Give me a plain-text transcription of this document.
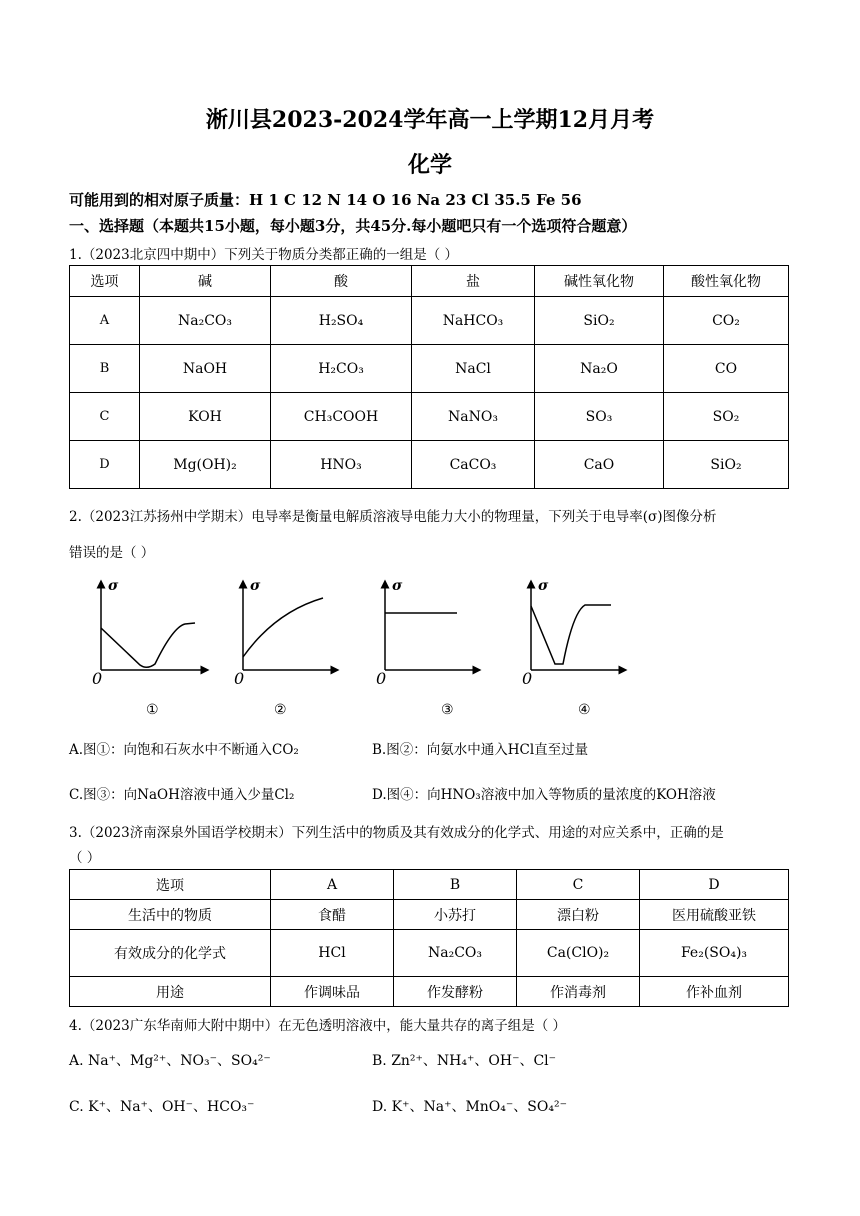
淅川县2023-2024学年高一上学期12月月考
化学
可能用到的相对原子质量：H 1 C 12 N 14 O 16 Na 23 Cl 35.5 Fe 56
一、选择题（本题共15小题，每小题3分，共45分.每小题吧只有一个选项符合题意）
1.（2023北京四中期中）下列关于物质分类都正确的一组是（ ）
选项	碱	酸	盐	碱性氧化物	酸性氧化物
A	Na₂CO₃	H₂SO₄	NaHCO₃	SiO₂	CO₂
B	NaOH	H₂CO₃	NaCl	Na₂O	CO
C	KOH	CH₃COOH	NaNO₃	SO₃	SO₂
D	Mg(OH)₂	HNO₃	CaCO₃	CaO	SiO₂
2.（2023江苏扬州中学期末）电导率是衡量电解质溶液导电能力大小的物理量，下列关于电导率(σ)图像分析
错误的是（ ）
σ	σ	σ	σ
0	0	0	0
①	②	③	④
A.图①：向饱和石灰水中不断通入CO₂	B.图②：向氨水中通入HCl直至过量
C.图③：向NaOH溶液中通入少量Cl₂	D.图④：向HNO₃溶液中加入等物质的量浓度的KOH溶液
3.（2023济南深泉外国语学校期末）下列生活中的物质及其有效成分的化学式、用途的对应关系中，正确的是
（ ）
选项	A	B	C	D
生活中的物质	食醋	小苏打	漂白粉	医用硫酸亚铁
有效成分的化学式	HCl	Na₂CO₃	Ca(ClO)₂	Fe₂(SO₄)₃
用途	作调味品	作发酵粉	作消毒剂	作补血剂
4.（2023广东华南师大附中期中）在无色透明溶液中，能大量共存的离子组是（ ）
A. Na⁺、Mg²⁺、NO₃⁻、SO₄²⁻	B. Zn²⁺、NH₄⁺、OH⁻、Cl⁻
C. K⁺、Na⁺、OH⁻、HCO₃⁻	D. K⁺、Na⁺、MnO₄⁻、SO₄²⁻
